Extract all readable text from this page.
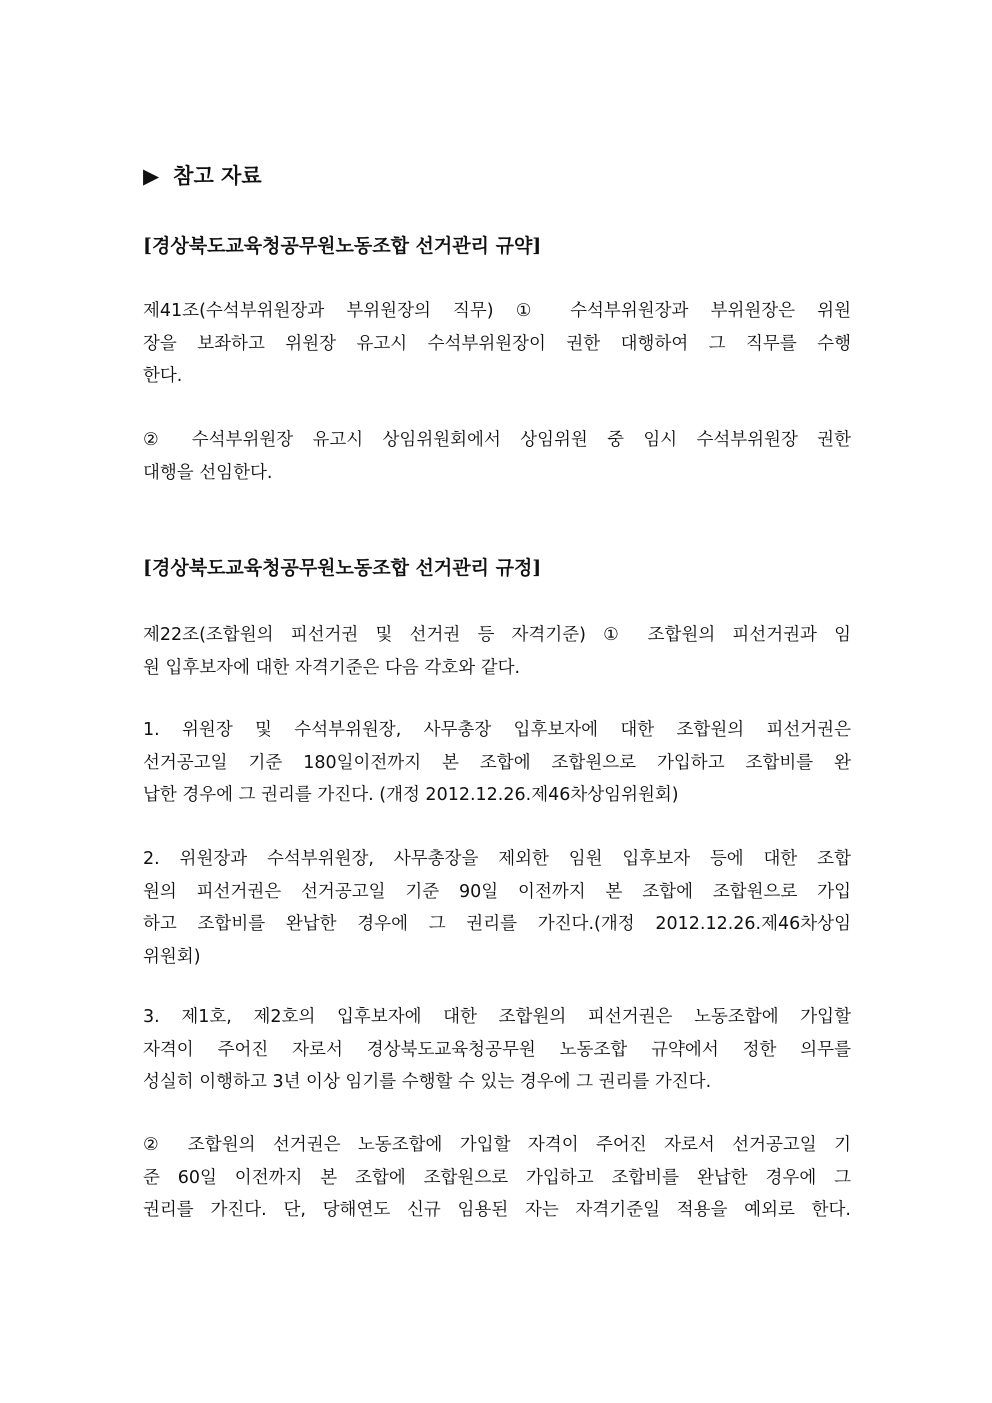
▶ 참고 자료
[경상북도교육청공무원노동조합 선거관리 규약]
제41조(수석부위원장과 부위원장의 직무) ① 수석부위원장과 부위원장은 위원
장을 보좌하고 위원장 유고시 수석부위원장이 권한 대행하여 그 직무를 수행
한다.
② 수석부위원장 유고시 상임위원회에서 상임위원 중 임시 수석부위원장 권한
대행을 선임한다.
[경상북도교육청공무원노동조합 선거관리 규정]
제22조(조합원의 피선거권 및 선거권 등 자격기준) ① 조합원의 피선거권과 임
원 입후보자에 대한 자격기준은 다음 각호와 같다.
1. 위원장 및 수석부위원장, 사무총장 입후보자에 대한 조합원의 피선거권은
선거공고일 기준 180일이전까지 본 조합에 조합원으로 가입하고 조합비를 완
납한 경우에 그 권리를 가진다. (개정 2012.12.26.제46차상임위원회)
2. 위원장과 수석부위원장, 사무총장을 제외한 임원 입후보자 등에 대한 조합
원의 피선거권은 선거공고일 기준 90일 이전까지 본 조합에 조합원으로 가입
하고 조합비를 완납한 경우에 그 권리를 가진다.(개정 2012.12.26.제46차상임
위원회)
3. 제1호, 제2호의 입후보자에 대한 조합원의 피선거권은 노동조합에 가입할
자격이 주어진 자로서 경상북도교육청공무원 노동조합 규약에서 정한 의무를
성실히 이행하고 3년 이상 임기를 수행할 수 있는 경우에 그 권리를 가진다.
② 조합원의 선거권은 노동조합에 가입할 자격이 주어진 자로서 선거공고일 기
준 60일 이전까지 본 조합에 조합원으로 가입하고 조합비를 완납한 경우에 그
권리를 가진다. 단, 당해연도 신규 임용된 자는 자격기준일 적용을 예외로 한다.
